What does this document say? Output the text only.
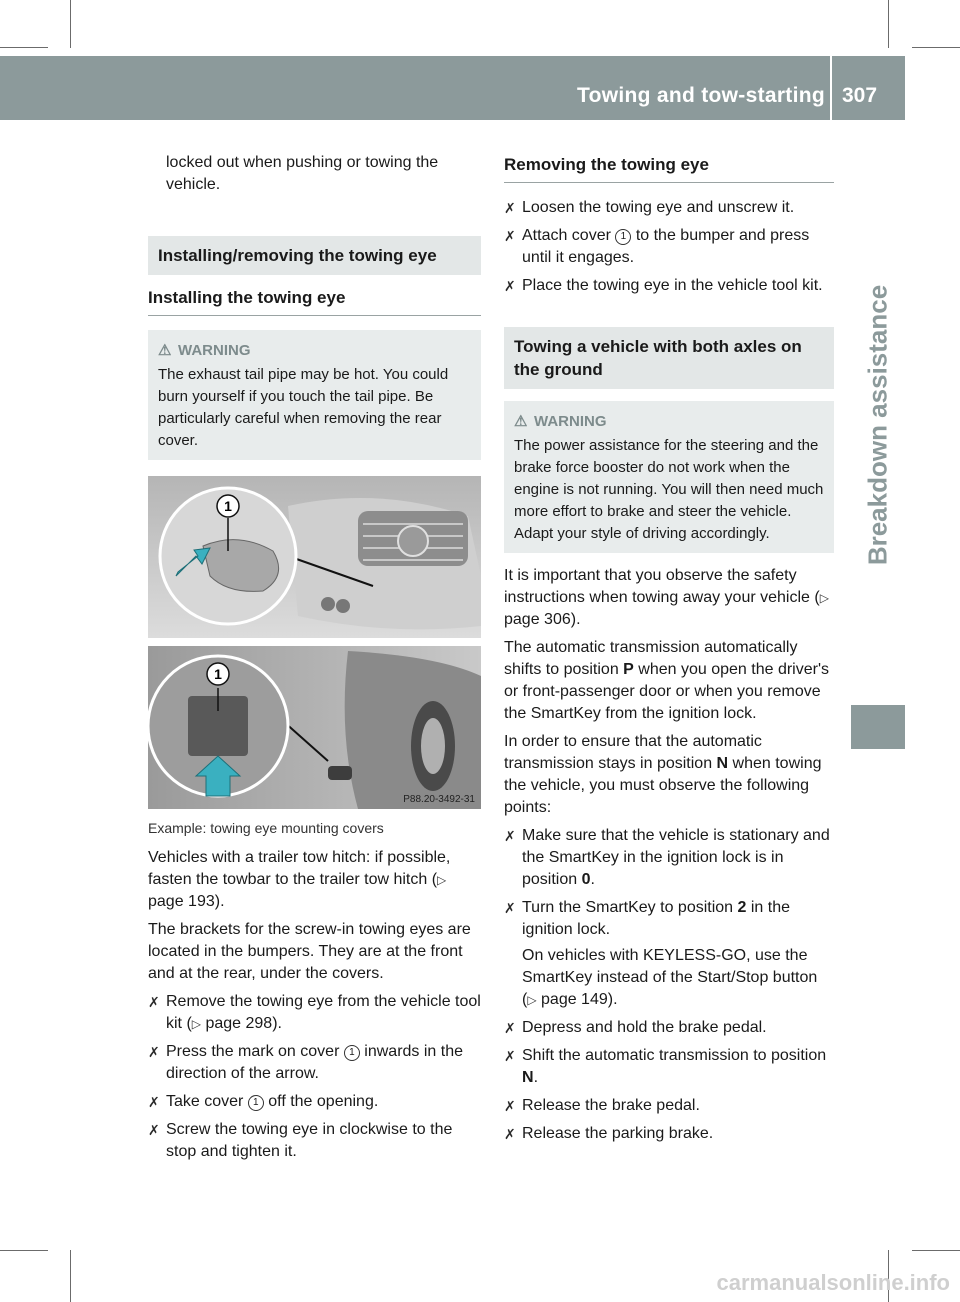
Towing and tow-starting 307
Breakdown assistance

locked out when pushing or towing the vehicle.

Installing/removing the towing eye
Installing the towing eye
⚠ WARNING
The exhaust tail pipe may be hot. You could burn yourself if you touch the tail pipe. Be particularly careful when removing the rear cover.
1
1
P88.20-3492-31

Example: towing eye mounting covers

Vehicles with a trailer tow hitch: if possible, fasten the towbar to the trailer tow hitch (▷ page 193).

The brackets for the screw-in towing eyes are located in the bumpers. They are at the front and at the rear, under the covers.

✗ Remove the towing eye from the vehicle tool kit (▷ page 298).
✗ Press the mark on cover 1 inwards in the direction of the arrow.
✗ Take cover 1 off the opening.
✗ Screw the towing eye in clockwise to the stop and tighten it.
Removing the towing eye
✗ Loosen the towing eye and unscrew it.
✗ Attach cover 1 to the bumper and press until it engages.
✗ Place the towing eye in the vehicle tool kit.
Towing a vehicle with both axles on the ground
⚠ WARNING
The power assistance for the steering and the brake force booster do not work when the engine is not running. You will then need much more effort to brake and steer the vehicle. Adapt your style of driving accordingly.

It is important that you observe the safety instructions when towing away your vehicle (▷ page 306).

The automatic transmission automatically shifts to position P when you open the driver's or front-passenger door or when you remove the SmartKey from the ignition lock.

In order to ensure that the automatic transmission stays in position N when towing the vehicle, you must observe the following points:

✗ Make sure that the vehicle is stationary and the SmartKey in the ignition lock is in position 0.
✗ Turn the SmartKey to position 2 in the ignition lock.
On vehicles with KEYLESS-GO, use the SmartKey instead of the Start/Stop button (▷ page 149).
✗ Depress and hold the brake pedal.
✗ Shift the automatic transmission to position N.
✗ Release the brake pedal.
✗ Release the parking brake.
carmanualsonline.info
